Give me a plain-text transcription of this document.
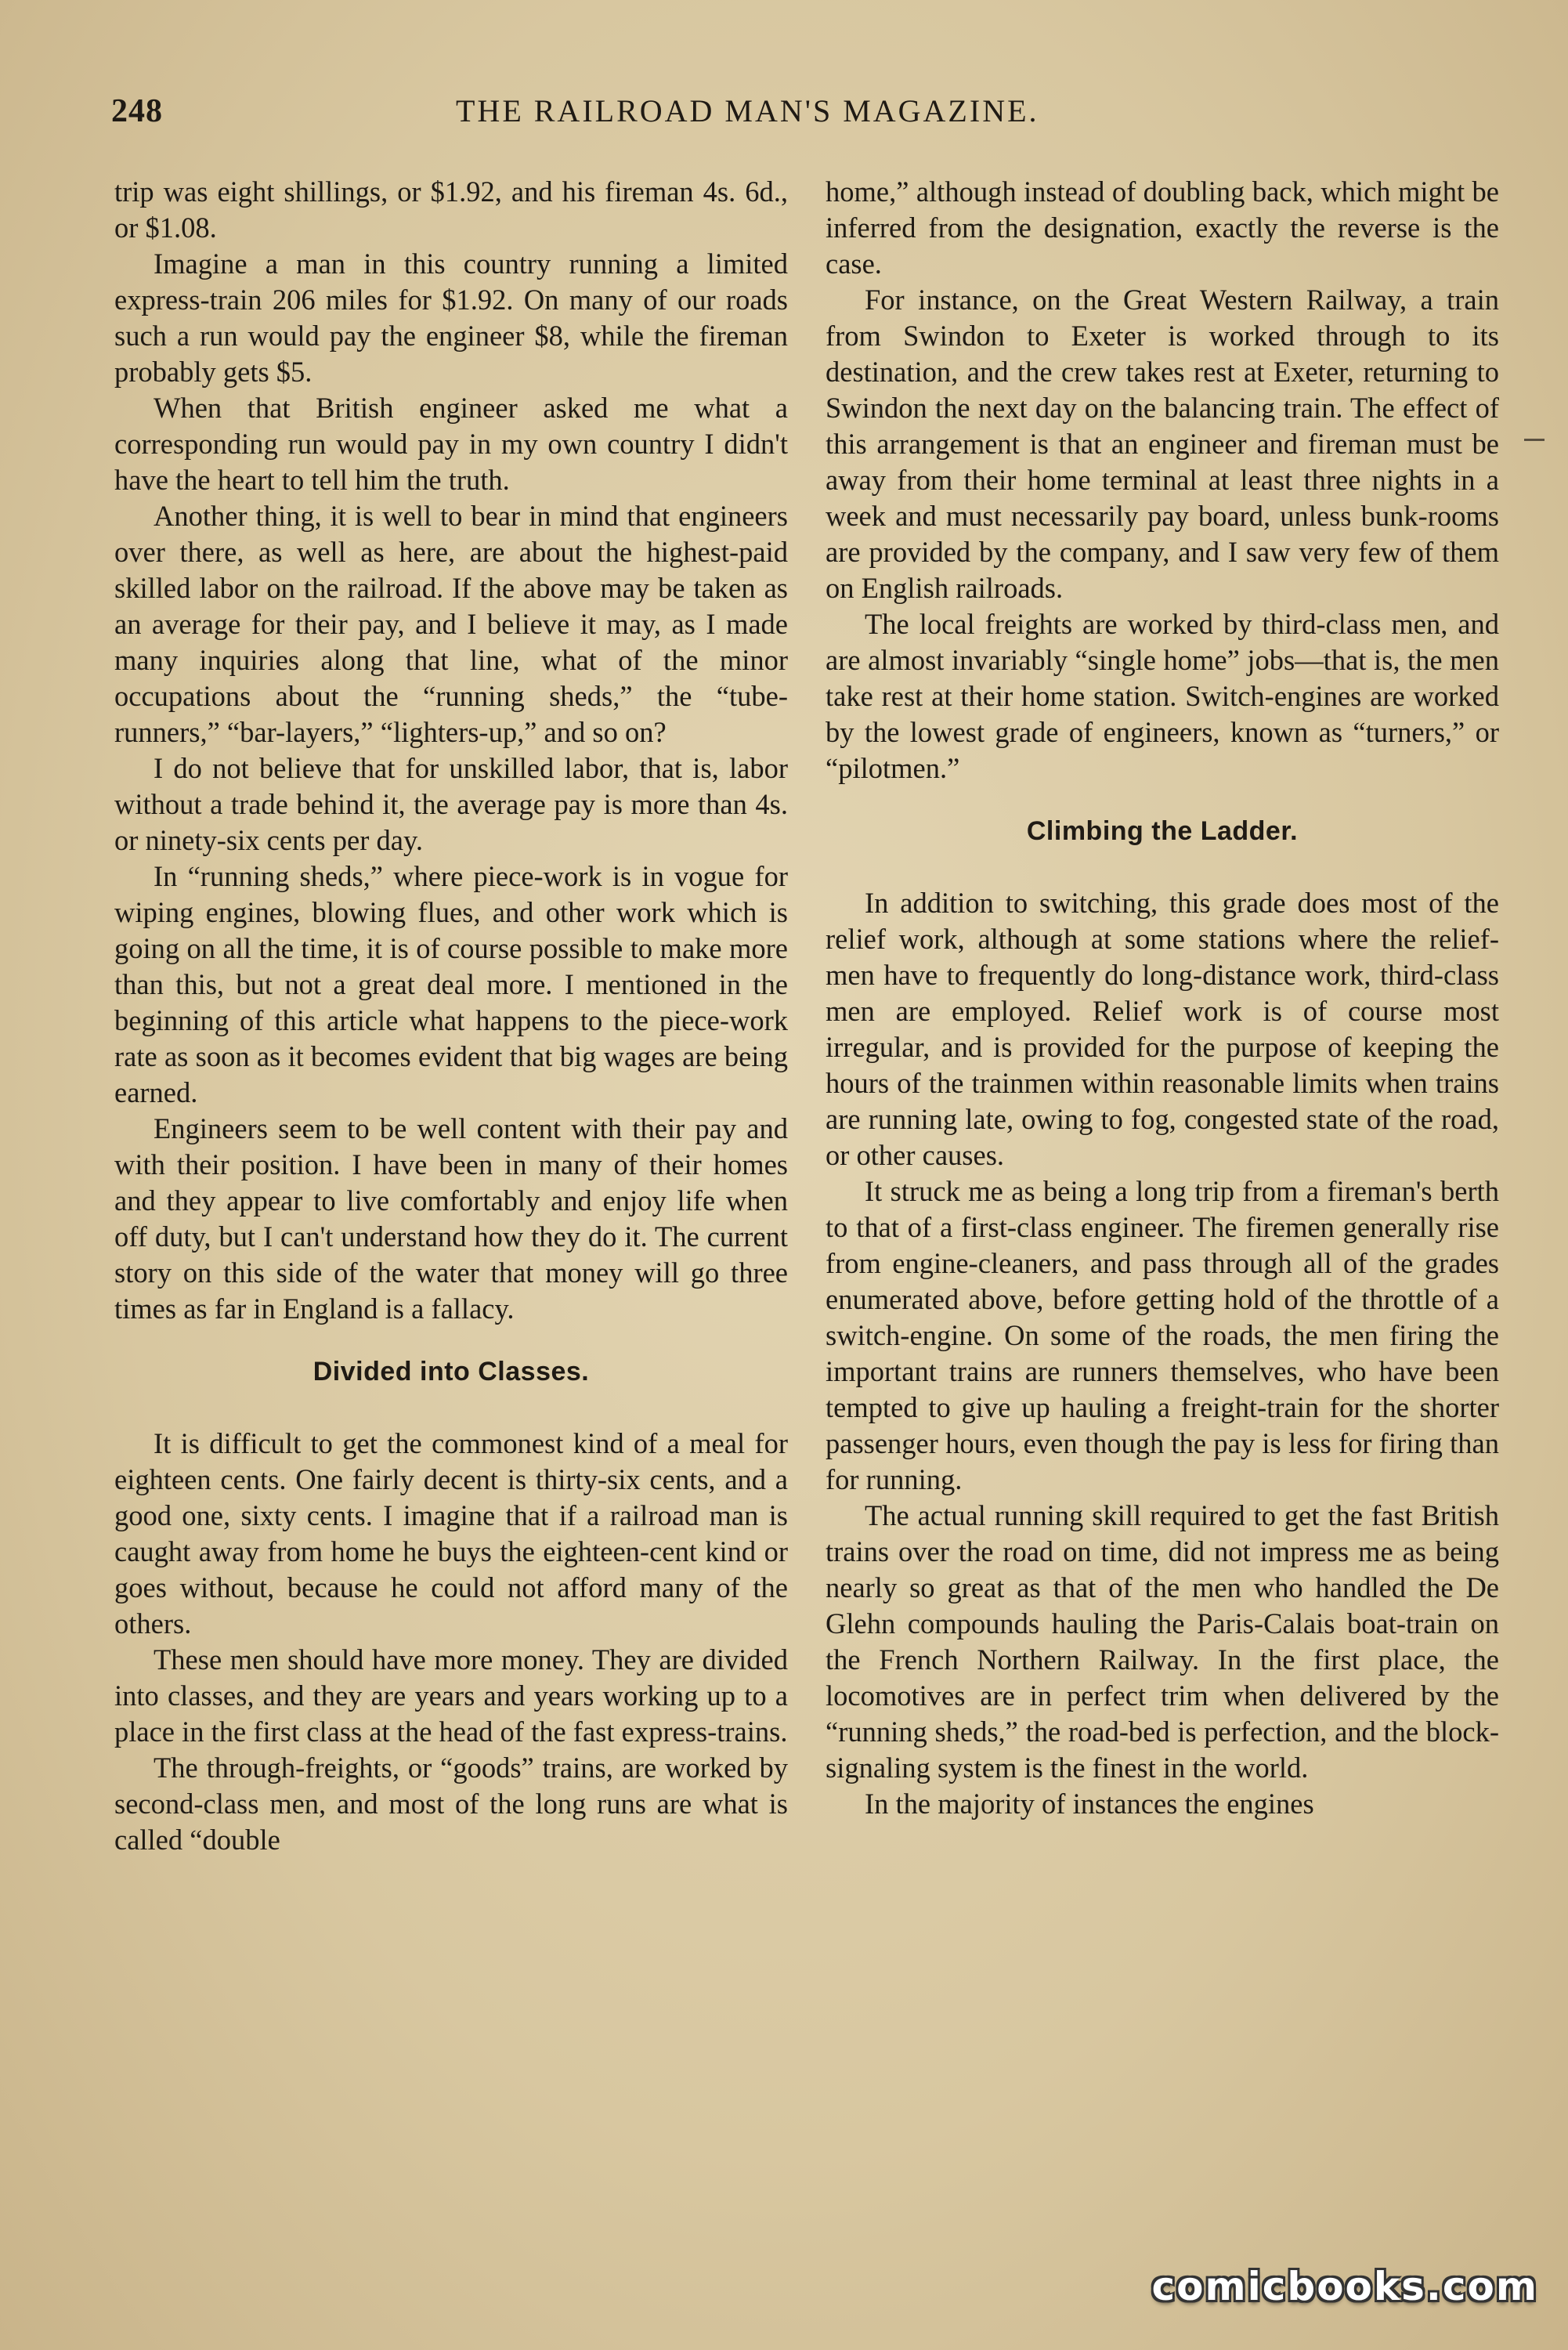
248	THE RAILROAD MAN'S MAGAZINE.

trip was eight shillings, or $1.92, and his fireman 4s. 6d., or $1.08.

Imagine a man in this country running a limited express-train 206 miles for $1.92. On many of our roads such a run would pay the engineer $8, while the fireman probably gets $5.

When that British engineer asked me what a corresponding run would pay in my own country I didn't have the heart to tell him the truth.

Another thing, it is well to bear in mind that engineers over there, as well as here, are about the highest-paid skilled labor on the railroad. If the above may be taken as an average for their pay, and I believe it may, as I made many inquiries along that line, what of the minor occupations about the “running sheds,” the “tube-runners,” “bar-layers,” “lighters-up,” and so on?

I do not believe that for unskilled labor, that is, labor without a trade behind it, the average pay is more than 4s. or ninety-six cents per day.

In “running sheds,” where piece-work is in vogue for wiping engines, blowing flues, and other work which is going on all the time, it is of course possible to make more than this, but not a great deal more. I mentioned in the beginning of this article what happens to the piece-work rate as soon as it becomes evident that big wages are being earned.

Engineers seem to be well content with their pay and with their position. I have been in many of their homes and they appear to live comfortably and enjoy life when off duty, but I can't understand how they do it. The current story on this side of the water that money will go three times as far in England is a fallacy.

Divided into Classes.

It is difficult to get the commonest kind of a meal for eighteen cents. One fairly decent is thirty-six cents, and a good one, sixty cents. I imagine that if a railroad man is caught away from home he buys the eighteen-cent kind or goes without, because he could not afford many of the others.

These men should have more money. They are divided into classes, and they are years and years working up to a place in the first class at the head of the fast express-trains.

The through-freights, or “goods” trains, are worked by second-class men, and most of the long runs are what is called “double

home,” although instead of doubling back, which might be inferred from the designation, exactly the reverse is the case.

For instance, on the Great Western Railway, a train from Swindon to Exeter is worked through to its destination, and the crew takes rest at Exeter, returning to Swindon the next day on the balancing train. The effect of this arrangement is that an engineer and fireman must be away from their home terminal at least three nights in a week and must necessarily pay board, unless bunk-rooms are provided by the company, and I saw very few of them on English railroads.

The local freights are worked by third-class men, and are almost invariably “single home” jobs—that is, the men take rest at their home station. Switch-engines are worked by the lowest grade of engineers, known as “turners,” or “pilotmen.”

Climbing the Ladder.

In addition to switching, this grade does most of the relief work, although at some stations where the relief-men have to frequently do long-distance work, third-class men are employed. Relief work is of course most irregular, and is provided for the purpose of keeping the hours of the trainmen within reasonable limits when trains are running late, owing to fog, congested state of the road, or other causes.

It struck me as being a long trip from a fireman's berth to that of a first-class engineer. The firemen generally rise from engine-cleaners, and pass through all of the grades enumerated above, before getting hold of the throttle of a switch-engine. On some of the roads, the men firing the important trains are runners themselves, who have been tempted to give up hauling a freight-train for the shorter passenger hours, even though the pay is less for firing than for running.

The actual running skill required to get the fast British trains over the road on time, did not impress me as being nearly so great as that of the men who handled the De Glehn compounds hauling the Paris-Calais boat-train on the French Northern Railway. In the first place, the locomotives are in perfect trim when delivered by the “running sheds,” the road-bed is perfection, and the block-signaling system is the finest in the world.

In the majority of instances the engines

comicbooks.com
